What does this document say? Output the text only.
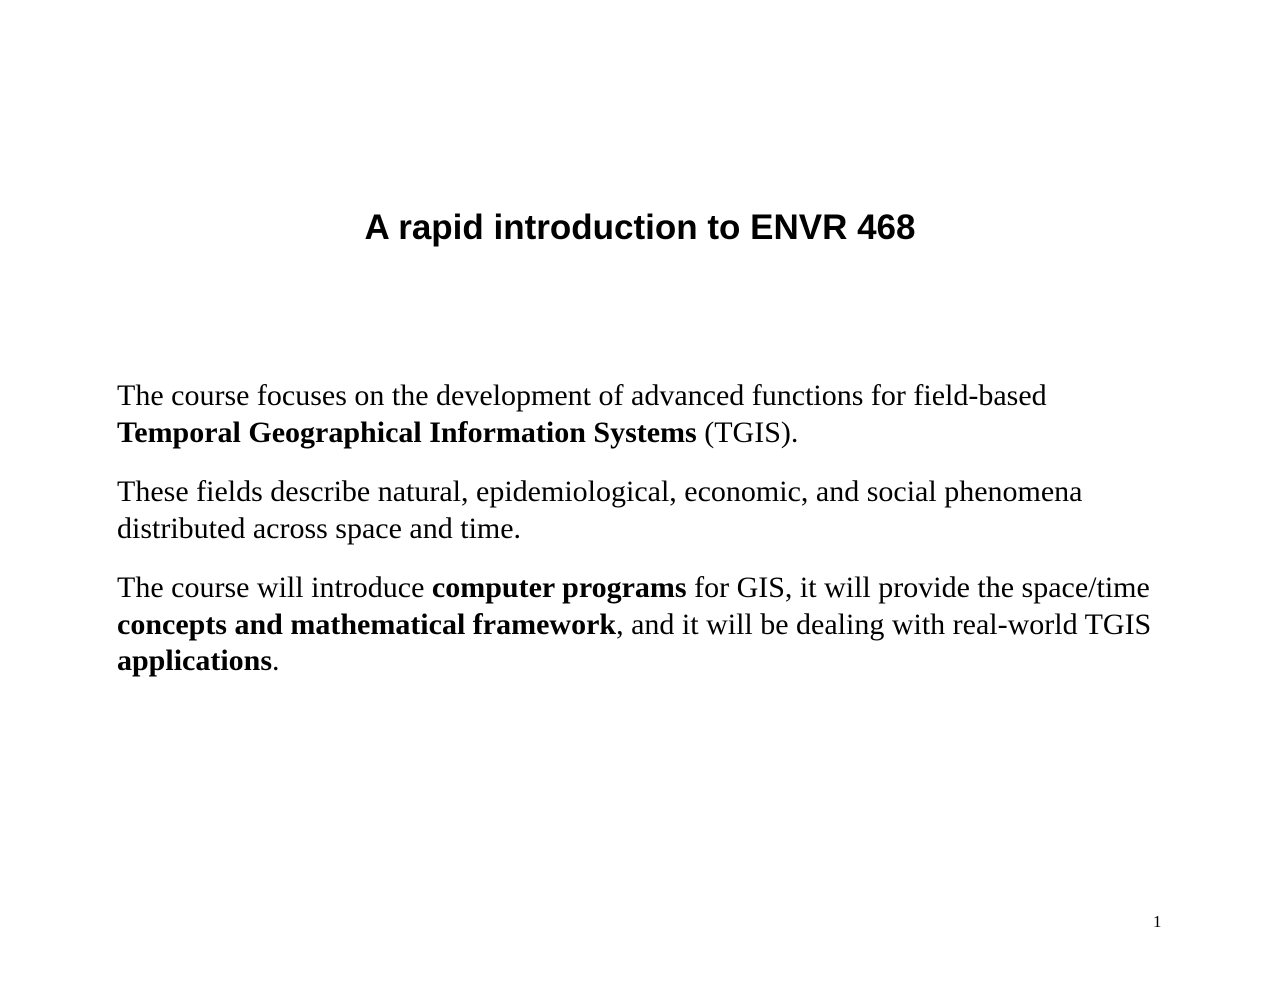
A rapid introduction to ENVR 468

The course focuses on the development of advanced functions for field-based Temporal Geographical Information Systems (TGIS).

These fields describe natural, epidemiological, economic, and social phenomena distributed across space and time.

The course will introduce computer programs for GIS, it will provide the space/time concepts and mathematical framework, and it will be dealing with real-world TGIS applications.

1
